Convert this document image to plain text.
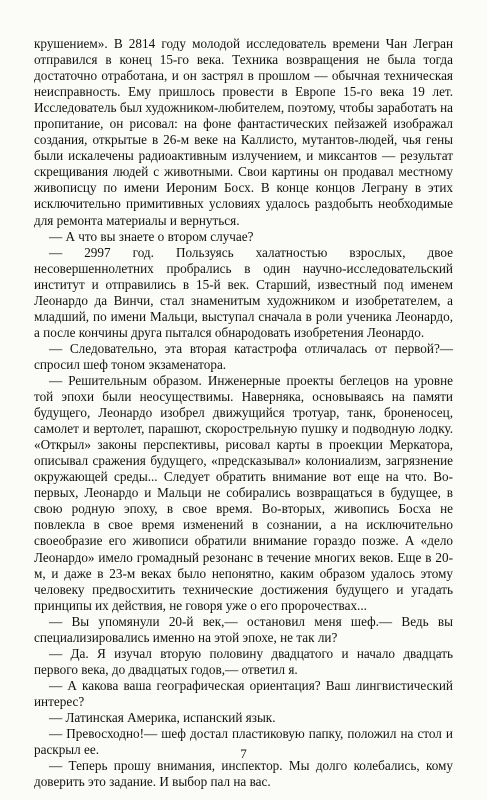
крушением». В 2814 году молодой исследователь времени Чан Легран отправился в конец 15-го века. Техника возвращения не была тогда достаточно отработана, и он застрял в прошлом — обычная техническая неисправность. Ему пришлось провести в Европе 15-го века 19 лет. Исследователь был художником-любителем, поэтому, чтобы заработать на пропитание, он рисовал: на фоне фантастических пейзажей изображал создания, открытые в 26-м веке на Каллисто, мутантов-людей, чья гены были искалечены радиоактивным излучением, и миксантов — результат скрещивания людей с животными. Свои картины он продавал местному живописцу по имени Иероним Босх. В конце концов Леграну в этих исключительно примитивных условиях удалось раздобыть необходимые для ремонта материалы и вернуться.

— А что вы знаете о втором случае?

— 2997 год. Пользуясь халатностью взрослых, двое несовершеннолетних пробрались в один научно-исследовательский институт и отправились в 15-й век. Старший, известный под именем Леонардо да Винчи, стал знаменитым художником и изобретателем, а младший, по имени Мальци, выступал сначала в роли ученика Леонардо, а после кончины друга пытался обнародовать изобретения Леонардо.

— Следовательно, эта вторая катастрофа отличалась от первой?— спросил шеф тоном экзаменатора.

— Решительным образом. Инженерные проекты беглецов на уровне той эпохи были неосуществимы. Наверняка, основываясь на памяти будущего, Леонардо изобрел движущийся тротуар, танк, броненосец, самолет и вертолет, парашют, скорострельную пушку и подводную лодку. «Открыл» законы перспективы, рисовал карты в проекции Меркатора, описывал сражения будущего, «предсказывал» колониализм, загрязнение окружающей среды... Следует обратить внимание вот еще на что. Во-первых, Леонардо и Мальци не собирались возвращаться в будущее, в свою родную эпоху, в свое время. Во-вторых, живопись Босха не повлекла в свое время изменений в сознании, а на исключительно своеобразие его живописи обратили внимание гораздо позже. А «дело Леонардо» имело громадный резонанс в течение многих веков. Еще в 20-м, и даже в 23-м веках было непонятно, каким образом удалось этому человеку предвосхитить технические достижения будущего и угадать принципы их действия, не говоря уже о его пророчествах...

— Вы упомянули 20-й век,— остановил меня шеф.— Ведь вы специализировались именно на этой эпохе, не так ли?

— Да. Я изучал вторую половину двадцатого и начало двадцать первого века, до двадцатых годов,— ответил я.

— А какова ваша географическая ориентация? Ваш лингвистический интерес?

— Латинская Америка, испанский язык.

— Превосходно!— шеф достал пластиковую папку, положил на стол и раскрыл ее.

— Теперь прошу внимания, инспектор. Мы долго колебались, кому доверить это задание. И выбор пал на вас.

7
